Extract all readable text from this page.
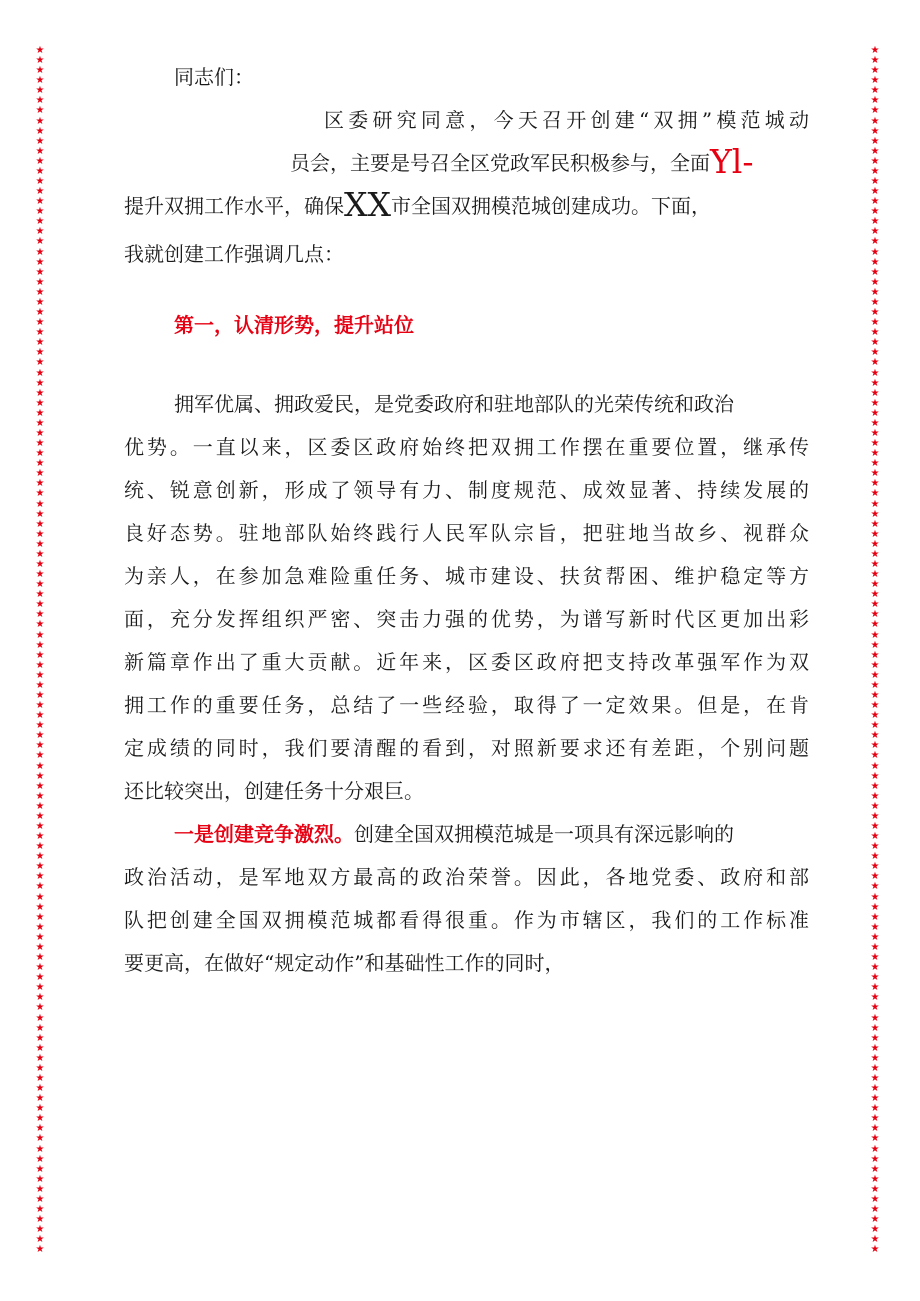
★
★
★
★
★
★
★
★
★
★
★
★
★
★
★
★
★
★
★
★
★
★
★
★
★
★
★
★
★
★
★
★
★
★
★
★
★
★
★
★
★
★
★
★
★
★
★
★
★
★
★
★
★
★
★
★
★
★
★
★
★
★
★
★
★
★
★
★
★
★
★
★
★
★
★
★
★
★
★
★
★
★
★
★
★
★
★
★
★
★
★
★
★
★
★
★
★
★
★
★
★
★
★
★
★
★
★
★
★
★
★
★
★
★
★
★
★
★
★
★
★
★
★
★
★
★
★
★
★
★
★
★
★
★
★
★
★
★
★
★
★
★
★
★
★
★
★
★
★
★
★
★
★
★
★
★
★
★
★
★
★
★
★
★
★
★
★
★
★
★
★
★
★
★
★
★
★
★
★
★
★
★
★
★
★
★
★
★
★
★
★
★
★
★
★
★
★
★
★
★
★
★
★
★
★
★
★
★
★
★
★
★
★
★
★
★
★
★
★
★
★
★
★
★
★
★
★
★
★
★
★
★
★
★
★
★
★
★
★
★
同志们：
区委研究同意，今天召开创建“双拥”模范城动
员会，主要是号召全区党政军民积极参与，全面Yl-
提升双拥工作水平，确保XX市全国双拥模范城创建成功。下面，
我就创建工作强调几点：
第一，认清形势，提升站位
拥军优属、拥政爱民，是党委政府和驻地部队的光荣传统和政治
优势。一直以来，区委区政府始终把双拥工作摆在重要位置，继承传
统、锐意创新，形成了领导有力、制度规范、成效显著、持续发展的
良好态势。驻地部队始终践行人民军队宗旨，把驻地当故乡、视群众
为亲人，在参加急难险重任务、城市建设、扶贫帮困、维护稳定等方
面，充分发挥组织严密、突击力强的优势，为谱写新时代区更加出彩
新篇章作出了重大贡献。近年来，区委区政府把支持改革强军作为双
拥工作的重要任务，总结了一些经验，取得了一定效果。但是，在肯
定成绩的同时，我们要清醒的看到，对照新要求还有差距，个别问题
还比较突出，创建任务十分艰巨。
一是创建竞争激烈。创建全国双拥模范城是一项具有深远影响的
政治活动，是军地双方最高的政治荣誉。因此，各地党委、政府和部
队把创建全国双拥模范城都看得很重。作为市辖区，我们的工作标准
要更高，在做好“规定动作”和基础性工作的同时，
